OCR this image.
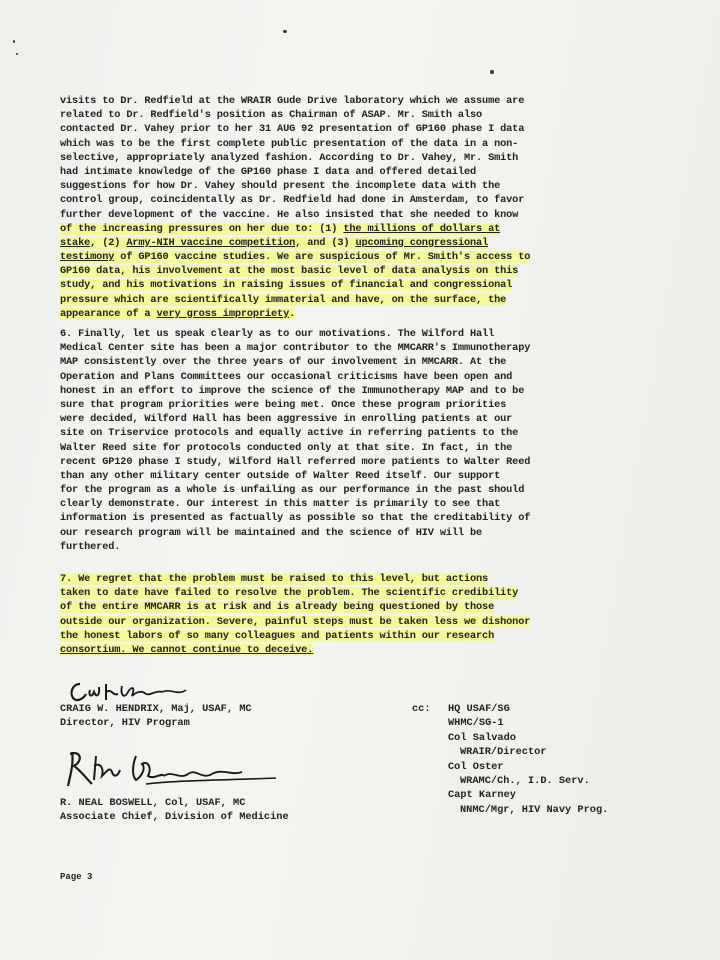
visits to Dr. Redfield at the WRAIR Gude Drive laboratory which we assume are
related to Dr. Redfield's position as Chairman of ASAP. Mr. Smith also
contacted Dr. Vahey prior to her 31 AUG 92 presentation of GP160 phase I data
which was to be the first complete public presentation of the data in a non-
selective, appropriately analyzed fashion. According to Dr. Vahey, Mr. Smith
had intimate knowledge of the GP160 phase I data and offered detailed
suggestions for how Dr. Vahey should present the incomplete data with the
control group, coincidentally as Dr. Redfield had done in Amsterdam, to favor
further development of the vaccine. He also insisted that she needed to know
of the increasing pressures on her due to: (1) the millions of dollars at
stake, (2) Army-NIH vaccine competition, and (3) upcoming congressional
testimony of GP160 vaccine studies. We are suspicious of Mr. Smith's access to
GP160 data, his involvement at the most basic level of data analysis on this
study, and his motivations in raising issues of financial and congressional
pressure which are scientifically immaterial and have, on the surface, the
appearance of a very gross impropriety.
6. Finally, let us speak clearly as to our motivations. The Wilford Hall
Medical Center site has been a major contributor to the MMCARR's Immunotherapy
MAP consistently over the three years of our involvement in MMCARR. At the
Operation and Plans Committees our occasional criticisms have been open and
honest in an effort to improve the science of the Immunotherapy MAP and to be
sure that program priorities were being met. Once these program priorities
were decided, Wilford Hall has been aggressive in enrolling patients at our
site on Triservice protocols and equally active in referring patients to the
Walter Reed site for protocols conducted only at that site. In fact, in the
recent GP120 phase I study, Wilford Hall referred more patients to Walter Reed
than any other military center outside of Walter Reed itself. Our support
for the program as a whole is unfailing as our performance in the past should
clearly demonstrate. Our interest in this matter is primarily to see that
information is presented as factually as possible so that the creditability of
our research program will be maintained and the science of HIV will be
furthered.
7. We regret that the problem must be raised to this level, but actions
taken to date have failed to resolve the problem. The scientific credibility
of the entire MMCARR is at risk and is already being questioned by those
outside our organization. Severe, painful steps must be taken less we dishonor
the honest labors of so many colleagues and patients within our research
consortium. We cannot continue to deceive.
CRAIG W. HENDRIX, Maj, USAF, MC
Director, HIV Program
R. NEAL BOSWELL, Col, USAF, MC
Associate Chief, Division of Medicine
cc: HQ USAF/SG
WHMC/SG-1
Col Salvado
WRAIR/Director
Col Oster
WRAMC/Ch., I.D. Serv.
Capt Karney
NNMC/Mgr, HIV Navy Prog.
Page 3
